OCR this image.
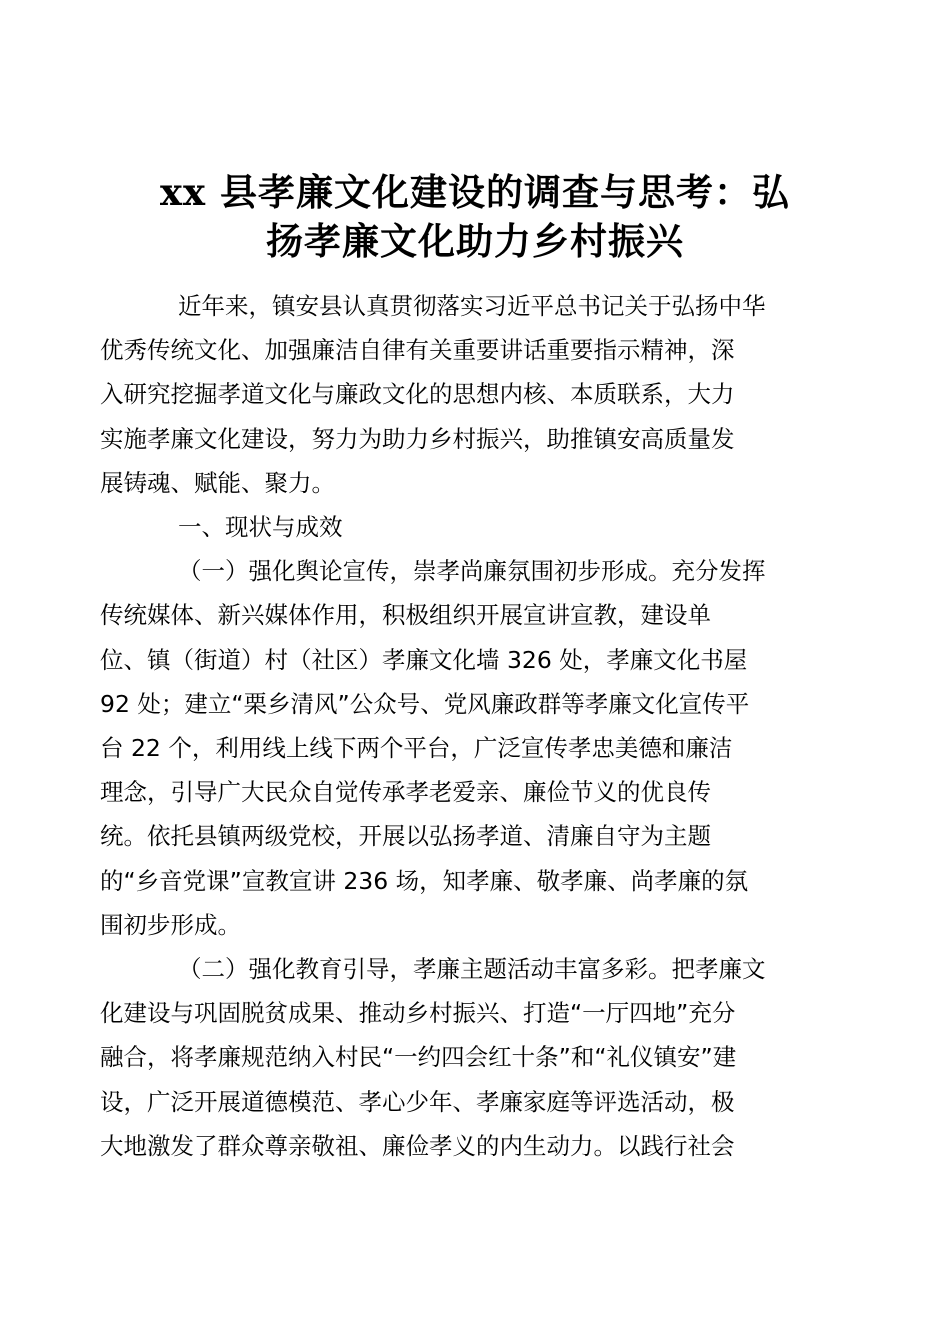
xx 县孝廉文化建设的调查与思考：弘
扬孝廉文化助力乡村振兴

近年来，镇安县认真贯彻落实习近平总书记关于弘扬中华
优秀传统文化、加强廉洁自律有关重要讲话重要指示精神，深
入研究挖掘孝道文化与廉政文化的思想内核、本质联系，大力
实施孝廉文化建设，努力为助力乡村振兴，助推镇安高质量发
展铸魂、赋能、聚力。

一、现状与成效

（一）强化舆论宣传，崇孝尚廉氛围初步形成。充分发挥
传统媒体、新兴媒体作用，积极组织开展宣讲宣教，建设单
位、镇（街道）村（社区）孝廉文化墙 326 处，孝廉文化书屋
92 处；建立“栗乡清风”公众号、党风廉政群等孝廉文化宣传平
台 22 个，利用线上线下两个平台，广泛宣传孝忠美德和廉洁
理念，引导广大民众自觉传承孝老爱亲、廉俭节义的优良传
统。依托县镇两级党校，开展以弘扬孝道、清廉自守为主题
的“乡音党课”宣教宣讲 236 场，知孝廉、敬孝廉、尚孝廉的氛
围初步形成。

（二）强化教育引导，孝廉主题活动丰富多彩。把孝廉文
化建设与巩固脱贫成果、推动乡村振兴、打造“一厅四地”充分
融合，将孝廉规范纳入村民“一约四会红十条”和“礼仪镇安”建
设，广泛开展道德模范、孝心少年、孝廉家庭等评选活动，极
大地激发了群众尊亲敬祖、廉俭孝义的内生动力。以践行社会
